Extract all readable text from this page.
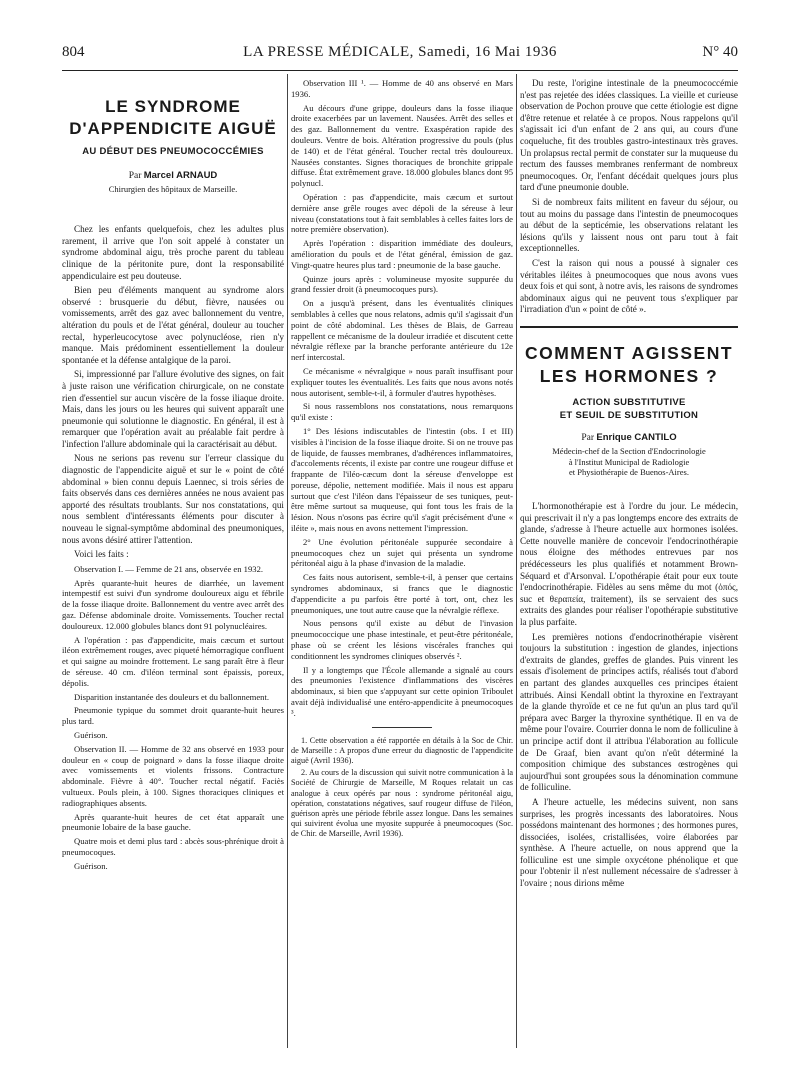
804	LA PRESSE MÉDICALE, Samedi, 16 Mai 1936	N° 40
LE SYNDROME
D'APPENDICITE AIGUË
AU DÉBUT DES PNEUMOCOCCÉMIES
Par Marcel ARNAUD
Chirurgien des hôpitaux de Marseille.

Chez les enfants quelquefois, chez les adultes plus rarement, il arrive que l'on soit appelé à constater un syndrome abdominal aigu, très proche parent du tableau clinique de la péritonite pure, dont la responsabilité appendiculaire est peu douteuse.

Bien peu d'éléments manquent au syndrome alors observé : brusquerie du début, fièvre, nausées ou vomissements, arrêt des gaz avec ballonnement du ventre, altération du pouls et de l'état général, douleur au toucher rectal, hyperleucocytose avec polynucléose, rien n'y manque. Mais prédominent essentiellement la douleur spontanée et la défense antalgique de la paroi.

Si, impressionné par l'allure évolutive des signes, on fait à juste raison une vérification chirurgicale, on ne constate rien d'essentiel sur aucun viscère de la fosse iliaque droite. Mais, dans les jours ou les heures qui suivent apparaît une pneumonie qui solutionne le diagnostic. En général, il est à remarquer que l'opération avait au préalable fait perdre à l'infection l'allure abdominale qui la caractérisait au début.

Nous ne serions pas revenu sur l'erreur classique du diagnostic de l'appendicite aiguë et sur le « point de côté abdominal » bien connu depuis Laennec, si trois séries de faits observés dans ces dernières années ne nous avaient pas apporté des résultats troublants. Sur nos constatations, qui nous semblent d'intéressants éléments pour discuter à nouveau le signal-symptôme abdominal des pneumoniques, nous avons désiré attirer l'attention.

Voici les faits :

Observation I. — Femme de 21 ans, observée en 1932.

Après quarante-huit heures de diarrhée, un lavement intempestif est suivi d'un syndrome douloureux aigu et fébrile de la fosse iliaque droite. Ballonnement du ventre avec arrêt des gaz. Défense abdominale droite. Vomissements. Toucher rectal douloureux. 12.000 globules blancs dont 91 polynucléaires.

A l'opération : pas d'appendicite, mais cæcum et surtout iléon extrêmement rouges, avec piqueté hémorragique confluent et qui saigne au moindre frottement. Le sang paraît être à fleur de séreuse. 40 cm. d'iléon terminal sont épaissis, poreux, dépolis.

Disparition instantanée des douleurs et du ballonnement.

Pneumonie typique du sommet droit quarante-huit heures plus tard.

Guérison.

Observation II. — Homme de 32 ans observé en 1933 pour douleur en « coup de poignard » dans la fosse iliaque droite avec vomissements et violents frissons. Contracture abdominale. Fièvre à 40°. Toucher rectal négatif. Faciès vultueux. Pouls plein, à 100. Signes thoraciques cliniques et radiographiques absents.

Après quarante-huit heures de cet état apparaît une pneumonie lobaire de la base gauche.

Quatre mois et demi plus tard : abcès sous-phrénique droit à pneumocoques.

Guérison.

Observation III ¹. — Homme de 40 ans observé en Mars 1936.

Au décours d'une grippe, douleurs dans la fosse iliaque droite exacerbées par un lavement. Nausées. Arrêt des selles et des gaz. Ballonnement du ventre. Exaspération rapide des douleurs. Ventre de bois. Altération progressive du pouls (plus de 140) et de l'état général. Toucher rectal très douloureux. Nausées constantes. Signes thoraciques de bronchite grippale diffuse. État extrêmement grave. 18.000 globules blancs dont 95 polynucl.

Opération : pas d'appendicite, mais cæcum et surtout dernière anse grêle rouges avec dépoli de la séreuse à leur niveau (constatations tout à fait semblables à celles faites lors de notre première observation).

Après l'opération : disparition immédiate des douleurs, amélioration du pouls et de l'état général, émission de gaz. Vingt-quatre heures plus tard : pneumonie de la base gauche.

Quinze jours après : volumineuse myosite suppurée du grand fessier droit (à pneumocoques purs).

On a jusqu'à présent, dans les éventualités cliniques semblables à celles que nous relatons, admis qu'il s'agissait d'un point de côté abdominal. Les thèses de Blais, de Garreau rappellent ce mécanisme de la douleur irradiée et discutent cette névralgie réflexe par la branche perforante antérieure du 12e nerf intercostal.

Ce mécanisme « névralgique » nous paraît insuffisant pour expliquer toutes les éventualités. Les faits que nous avons notés nous autorisent, semble-t-il, à formuler d'autres hypothèses.

Si nous rassemblons nos constatations, nous remarquons qu'il existe :

1° Des lésions indiscutables de l'intestin (obs. I et III) visibles à l'incision de la fosse iliaque droite. Si on ne trouve pas de liquide, de fausses membranes, d'adhérences inflammatoires, d'accolements récents, il existe par contre une rougeur diffuse et frappante de l'iléo-cæcum dont la séreuse d'enveloppe est poreuse, dépolie, nettement modifiée. Mais il nous est apparu surtout que c'est l'iléon dans l'épaisseur de ses tuniques, peut-être même surtout sa muqueuse, qui font tous les frais de la lésion. Nous n'osons pas écrire qu'il s'agit précisément d'une « iléite », mais nous en avons nettement l'impression.

2° Une évolution péritonéale suppurée secondaire à pneumocoques chez un sujet qui présenta un syndrome péritonéal aigu à la phase d'invasion de la maladie.

Ces faits nous autorisent, semble-t-il, à penser que certains syndromes abdominaux, si francs que le diagnostic d'appendicite a pu parfois être porté à tort, ont, chez les pneumoniques, une tout autre cause que la névralgie réflexe.

Nous pensons qu'il existe au début de l'invasion pneumococcique une phase intestinale, et peut-être péritonéale, phase où se créent les lésions viscérales franches qui conditionnent les syndromes cliniques observés ².

Il y a longtemps que l'École allemande a signalé au cours des pneumonies l'existence d'inflammations des viscères abdominaux, si bien que s'appuyant sur cette opinion Triboulet avait déjà individualisé une entéro-appendicite à pneumocoques ³.

1. Cette observation a été rapportée en détails à la Soc de Chir. de Marseille : A propos d'une erreur du diagnostic de l'appendicite aiguë (Avril 1936).

2. Au cours de la discussion qui suivit notre communication à la Société de Chirurgie de Marseille, M Roques relatait un cas analogue à ceux opérés par nous : syndrome péritonéal aigu, opération, constatations négatives, sauf rougeur diffuse de l'iléon, guérison après une période fébrile assez longue. Dans les semaines qui suivirent évolua une myosite suppurée à pneumocoques (Soc. de Chir. de Marseille, Avril 1936).

Du reste, l'origine intestinale de la pneumococcémie n'est pas rejetée des idées classiques. La vieille et curieuse observation de Pochon prouve que cette étiologie est digne d'être retenue et relatée à ce propos. Nous rappelons qu'il s'agissait ici d'un enfant de 2 ans qui, au cours d'une coqueluche, fit des troubles gastro-intestinaux très graves. Un prolapsus rectal permit de constater sur la muqueuse du rectum des fausses membranes renfermant de nombreux pneumocoques. Or, l'enfant décédait quelques jours plus tard d'une pneumonie double.

Si de nombreux faits militent en faveur du séjour, ou tout au moins du passage dans l'intestin de pneumocoques au début de la septicémie, les observations relatant les lésions qu'ils y laissent nous ont paru tout à fait exceptionnelles.

C'est la raison qui nous a poussé à signaler ces véritables iléites à pneumocoques que nous avons vues deux fois et qui sont, à notre avis, les raisons de syndromes abdominaux aigus qui ne peuvent tous s'expliquer par l'irradiation d'un « point de côté ».

COMMENT AGISSENT
LES HORMONES ?
ACTION SUBSTITUTIVE
ET SEUIL DE SUBSTITUTION
Par Enrique CANTILO
Médecin-chef de la Section d'Endocrinologie
à l'Institut Municipal de Radiologie
et Physiothérapie de Buenos-Aires.

L'hormonothérapie est à l'ordre du jour. Le médecin, qui prescrivait il n'y a pas longtemps encore des extraits de glande, s'adresse à l'heure actuelle aux hormones isolées. Cette nouvelle manière de concevoir l'endocrinothérapie nous éloigne des méthodes entrevues par nos prédécesseurs les plus qualifiés et notamment Brown-Séquard et d'Arsonval. L'opothérapie était pour eux toute l'endocrinothérapie. Fidèles au sens même du mot (ὀπός, suc et θεραπεία, traitement), ils se servaient des sucs extraits des glandes pour réaliser l'opothérapie substitutive la plus parfaite.

Les premières notions d'endocrinothérapie visèrent toujours la substitution : ingestion de glandes, injections d'extraits de glandes, greffes de glandes. Puis vinrent les essais d'isolement de principes actifs, réalisés tout d'abord en partant des glandes auxquelles ces principes étaient attribués. Ainsi Kendall obtint la thyroxine en l'extrayant de la glande thyroïde et ce ne fut qu'un an plus tard qu'il prépara avec Barger la thyroxine synthétique. Il en va de même pour l'ovaire. Courrier donna le nom de folliculine à un principe actif dont il attribua l'élaboration au follicule de De Graaf, bien avant qu'on n'eût déterminé la composition chimique des substances œstrogènes qui aujourd'hui sont groupées sous la dénomination commune de folliculine.

A l'heure actuelle, les médecins suivent, non sans surprises, les progrès incessants des laboratoires. Nous possédons maintenant des hormones ; des hormones pures, dissociées, isolées, cristallisées, voire élaborées par synthèse. A l'heure actuelle, on nous apprend que la folliculine est une simple oxycétone phénolique et que pour l'obtenir il n'est nullement nécessaire de s'adresser à l'ovaire ; nous dirions même
